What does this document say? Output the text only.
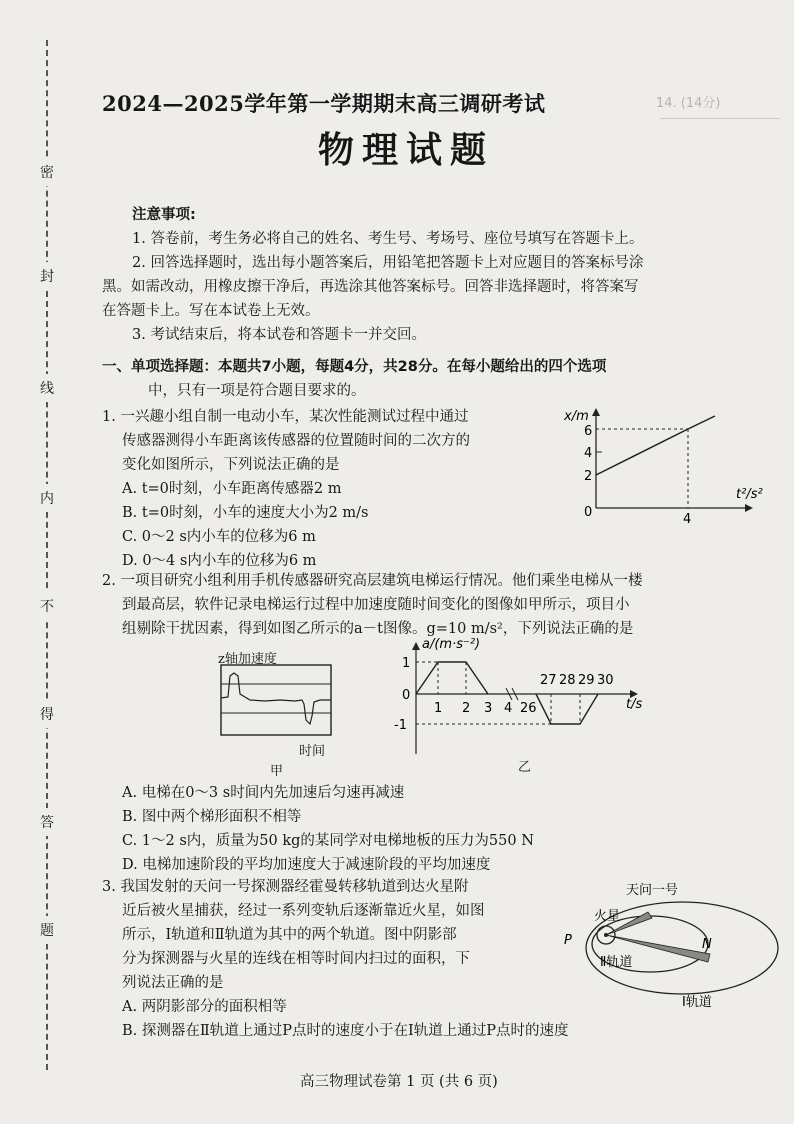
14. (14分)
密
封
线
内
不
得
答
题
2024—2025学年第一学期期末高三调研考试
物理试题
注意事项:
1. 答卷前，考生务必将自己的姓名、考生号、考场号、座位号填写在答题卡上。
2. 回答选择题时，选出每小题答案后，用铅笔把答题卡上对应题目的答案标号涂
黑。如需改动，用橡皮擦干净后，再选涂其他答案标号。回答非选择题时，将答案写
在答题卡上。写在本试卷上无效。
3. 考试结束后，将本试卷和答题卡一并交回。
一、单项选择题：本题共7小题，每题4分，共28分。在每小题给出的四个选项
中，只有一项是符合题目要求的。
1. 一兴趣小组自制一电动小车，某次性能测试过程中通过
传感器测得小车距离该传感器的位置随时间的二次方的
变化如图所示，下列说法正确的是
A. t=0时刻，小车距离传感器2 m
B. t=0时刻，小车的速度大小为2 m/s
C. 0～2 s内小车的位移为6 m
D. 0～4 s内小车的位移为6 m
x/m
6
4
2
0	4
t²/s²
2. 一项目研究小组利用手机传感器研究高层建筑电梯运行情况。他们乘坐电梯从一楼
到最高层，软件记录电梯运行过程中加速度随时间变化的图像如甲所示，项目小
组剔除干扰因素，得到如图乙所示的a－t图像。g=10 m/s²，下列说法正确的是
z轴加速度
时间
甲
a/(m·s⁻²)
1
0
-1
1 2 3 4 26
27 28 29 30
t/s
乙
A. 电梯在0～3 s时间内先加速后匀速再减速
B. 图中两个梯形面积不相等
C. 1～2 s内，质量为50 kg的某同学对电梯地板的压力为550 N
D. 电梯加速阶段的平均加速度大于减速阶段的平均加速度
3. 我国发射的天问一号探测器经霍曼转移轨道到达火星附
近后被火星捕获，经过一系列变轨后逐渐靠近火星，如图
所示，Ⅰ轨道和Ⅱ轨道为其中的两个轨道。图中阴影部
分为探测器与火星的连线在相等时间内扫过的面积，下
列说法正确的是
A. 两阴影部分的面积相等
B. 探测器在Ⅱ轨道上通过P点时的速度小于在Ⅰ轨道上通过P点时的速度
天问一号
火星
Ⅱ轨道
Ⅰ轨道
P	N
高三物理试卷第 1 页 (共 6 页)
